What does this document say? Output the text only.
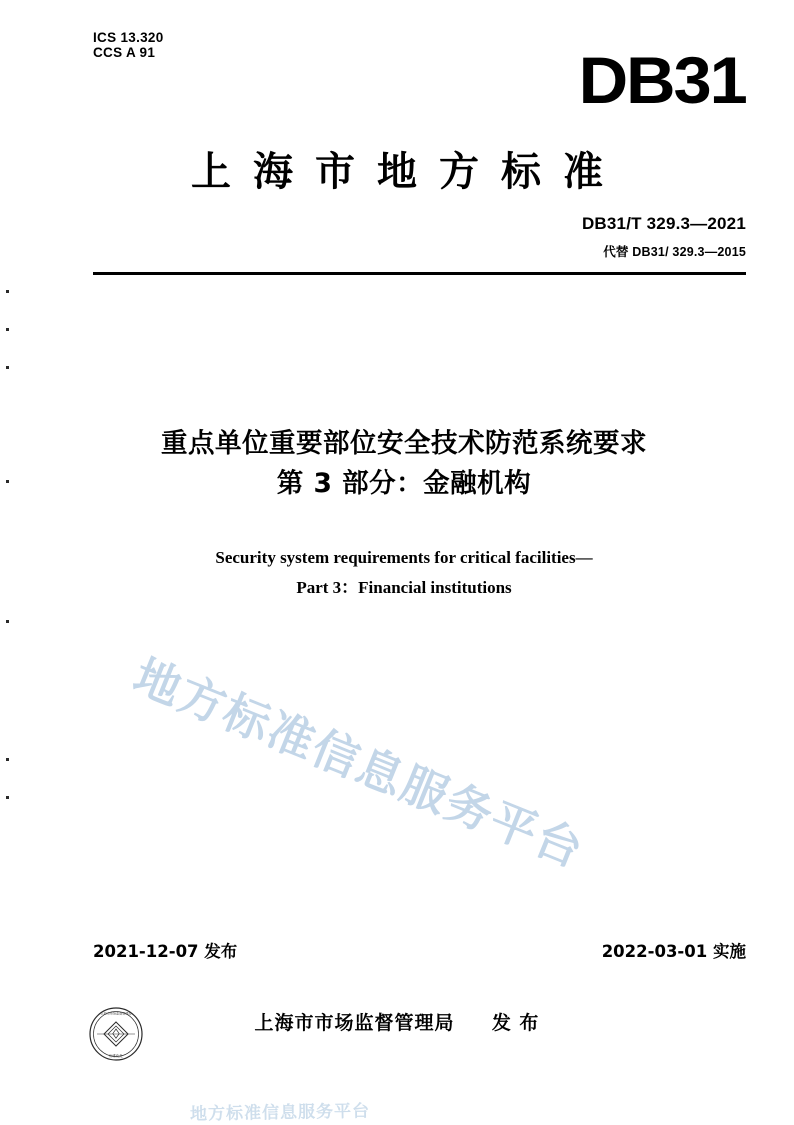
ICS 13.320
CCS A 91	DB31
上海市地方标准
DB31/T 329.3—2021
代替 DB31/ 329.3—2015
重点单位重要部位安全技术防范系统要求
第 3 部分：金融机构
Security system requirements for critical facilities—
Part 3：Financial institutions
地方标准信息服务平台
地方标准信息服务平台
2021-12-07 发布	2022-03-01 实施
上海市市场监督管理局
标准化处
上海市市场监督管理局 发 布
